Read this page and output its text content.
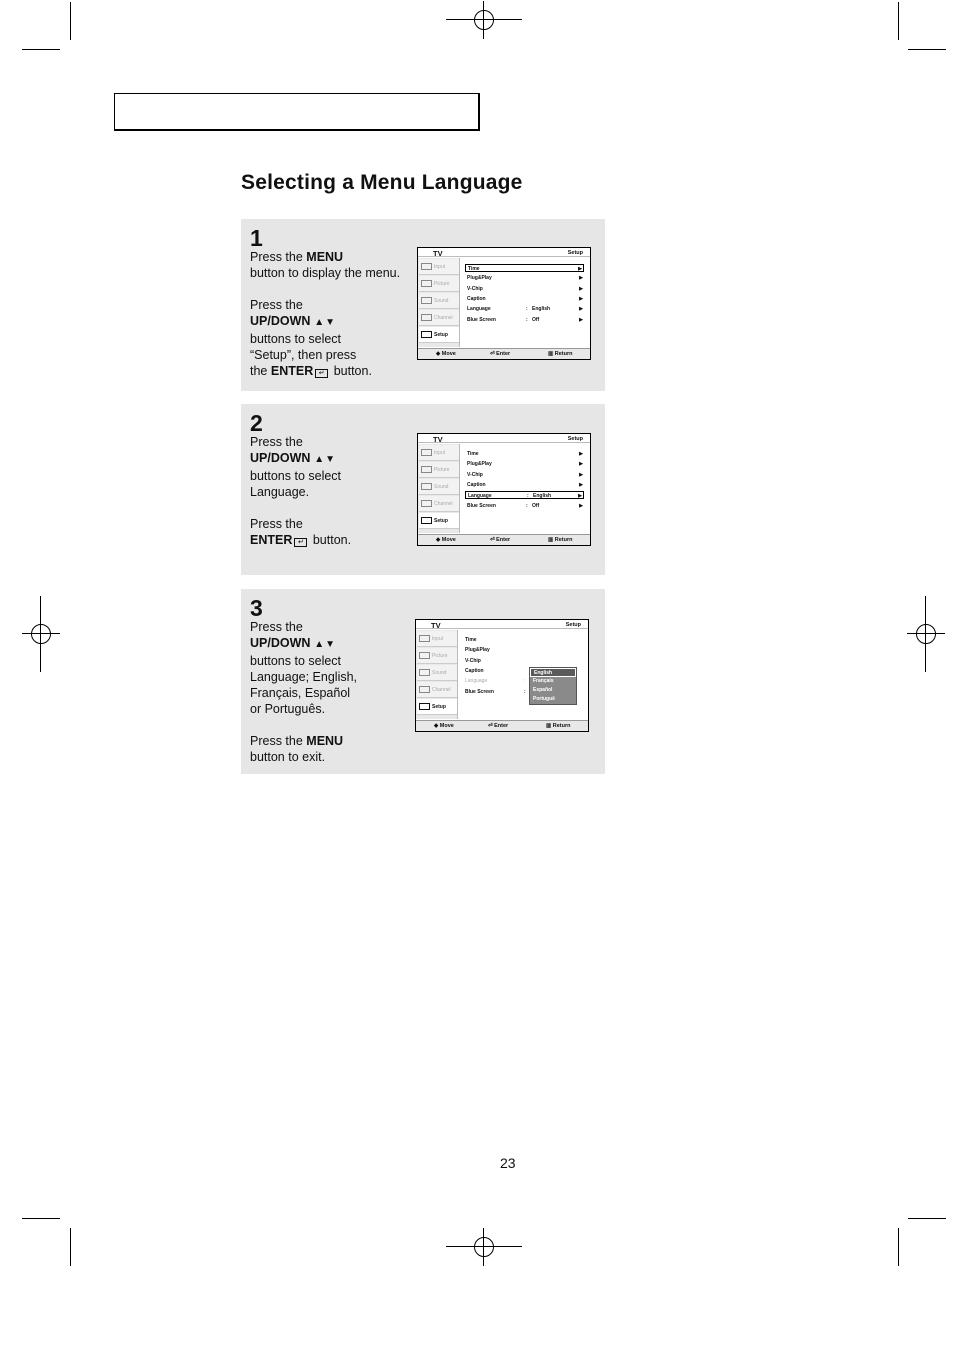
Selecting a Menu Language
1

Press the MENU

button to display the menu.

Press the

UP/DOWN ▲▼

buttons to select

“Setup”, then press

the ENTER ↵ button.

TV	Setup
Input
Picture
Sound
Channel
Setup
Time	▶
Plug&Play	▶
V-Chip	▶
Caption	▶
Language	: English	▶
Blue Screen	: Off	▶
◆ Move	⏎ Enter	▥ Return
2

Press the

UP/DOWN ▲▼

buttons to select

Language.

Press the

ENTER ↵ button.

TV	Setup
Input
Picture
Sound
Channel
Setup
Time	▶
Plug&Play	▶
V-Chip	▶
Caption	▶
Language	: English	▶
Blue Screen	: Off	▶
◆ Move	⏎ Enter	▥ Return
3

Press the

UP/DOWN ▲▼

buttons to select

Language; English,

Français, Español

or Português.

Press the MENU

button to exit.

TV	Setup
Input
Picture
Sound
Channel
Setup
Time
Plug&Play
V-Chip
Caption
Language	:
Blue Screen	:
English
Français
Español
Portuguê
◆ Move	⏎ Enter	▥ Return
23
